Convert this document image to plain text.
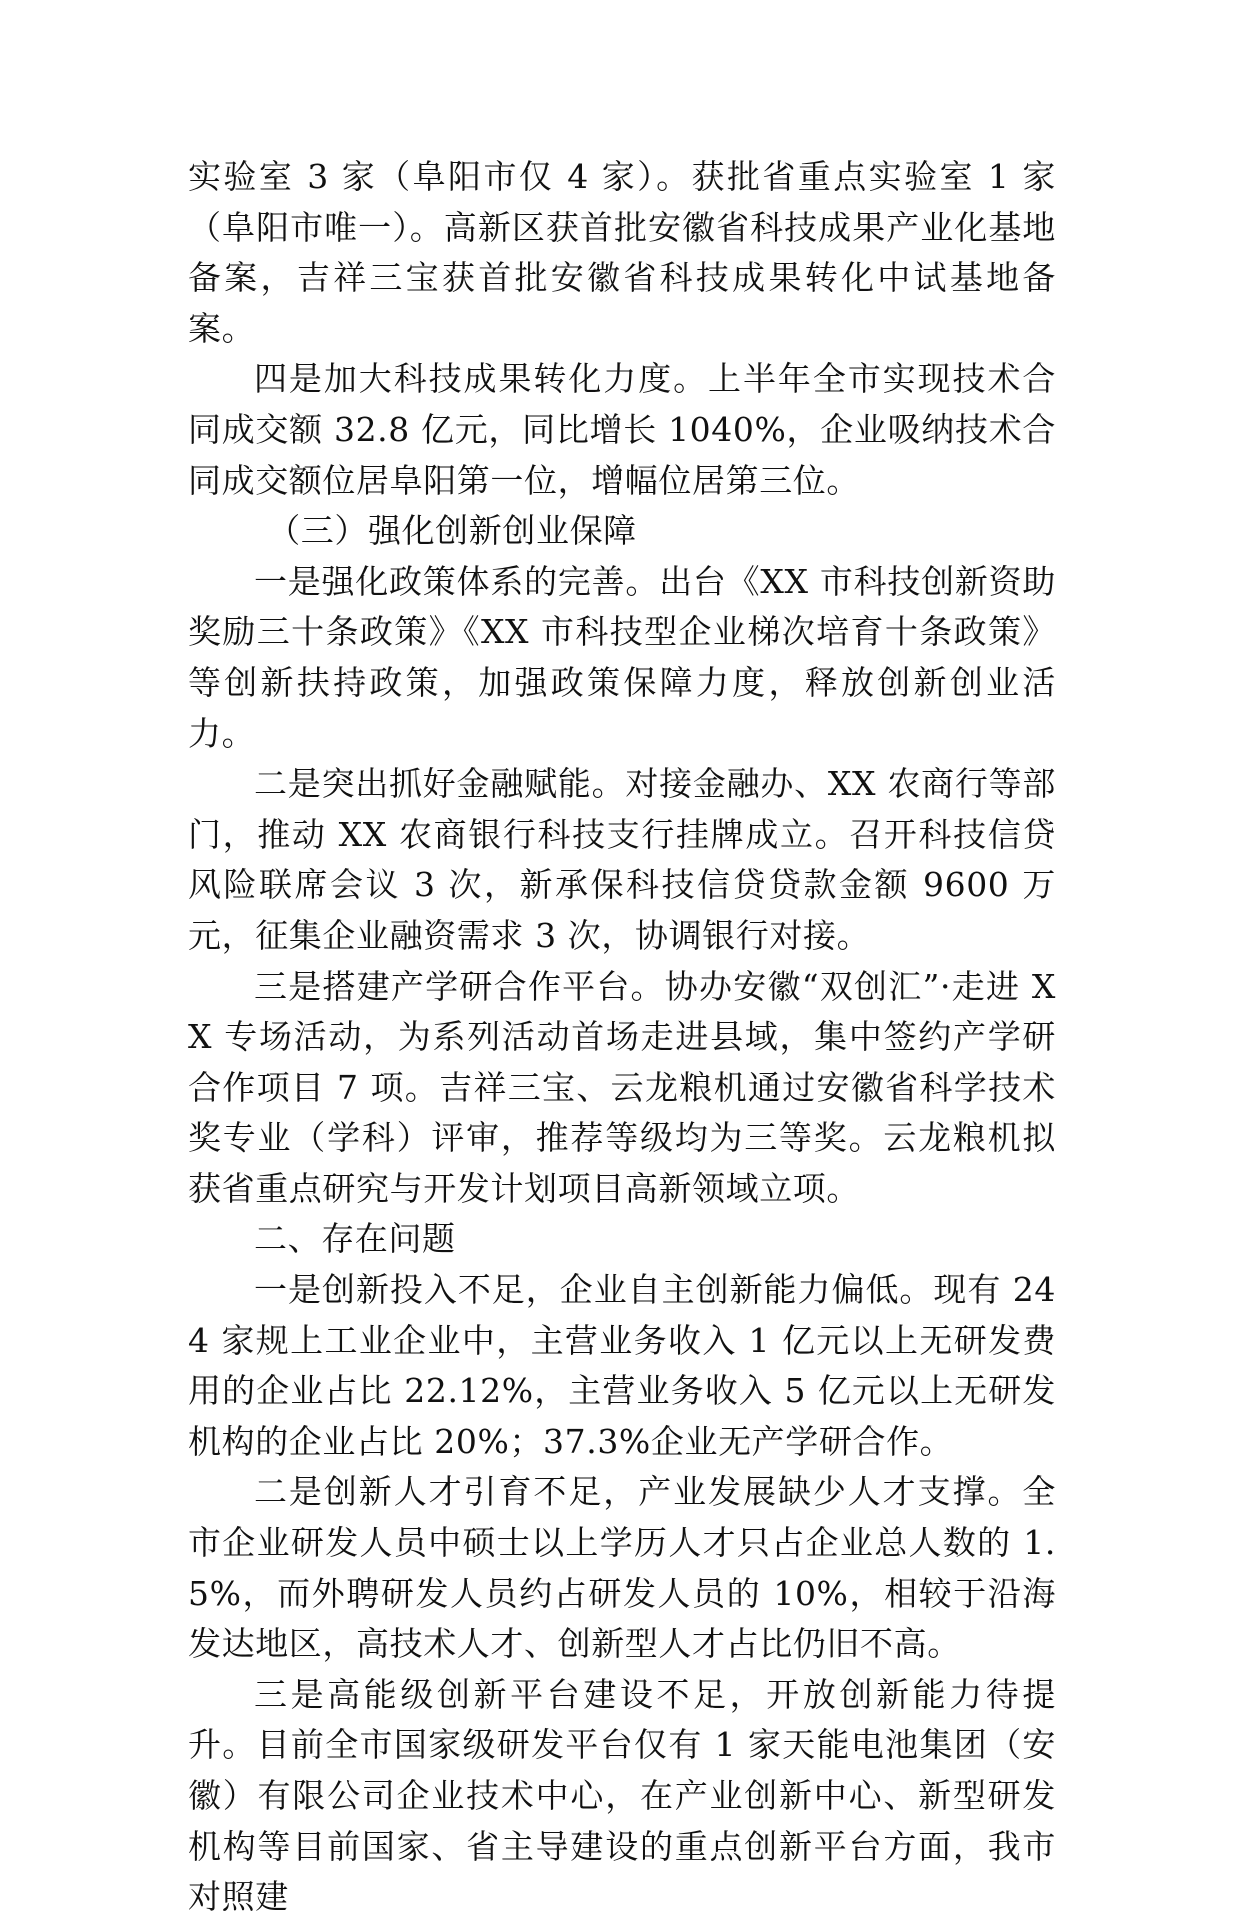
实验室 3 家（阜阳市仅 4 家）。获批省重点实验室 1 家（阜阳市唯一）。高新区获首批安徽省科技成果产业化基地备案，吉祥三宝获首批安徽省科技成果转化中试基地备案。

四是加大科技成果转化力度。上半年全市实现技术合同成交额 32.8 亿元，同比增长 1040%，企业吸纳技术合同成交额位居阜阳第一位，增幅位居第三位。

（三）强化创新创业保障

一是强化政策体系的完善。出台《XX 市科技创新资助奖励三十条政策》《XX 市科技型企业梯次培育十条政策》等创新扶持政策，加强政策保障力度，释放创新创业活力。

二是突出抓好金融赋能。对接金融办、XX 农商行等部门，推动 XX 农商银行科技支行挂牌成立。召开科技信贷风险联席会议 3 次，新承保科技信贷贷款金额 9600 万元，征集企业融资需求 3 次，协调银行对接。

三是搭建产学研合作平台。协办安徽“双创汇”·走进 XX 专场活动，为系列活动首场走进县域，集中签约产学研合作项目 7 项。吉祥三宝、云龙粮机通过安徽省科学技术奖专业（学科）评审，推荐等级均为三等奖。云龙粮机拟获省重点研究与开发计划项目高新领域立项。

二、存在问题

一是创新投入不足，企业自主创新能力偏低。现有 244 家规上工业企业中，主营业务收入 1 亿元以上无研发费用的企业占比 22.12%，主营业务收入 5 亿元以上无研发机构的企业占比 20%；37.3%企业无产学研合作。

二是创新人才引育不足，产业发展缺少人才支撑。全市企业研发人员中硕士以上学历人才只占企业总人数的 1.5%，而外聘研发人员约占研发人员的 10%，相较于沿海发达地区，高技术人才、创新型人才占比仍旧不高。

三是高能级创新平台建设不足，开放创新能力待提升。目前全市国家级研发平台仅有 1 家天能电池集团（安徽）有限公司企业技术中心，在产业创新中心、新型研发机构等目前国家、省主导建设的重点创新平台方面，我市对照建
